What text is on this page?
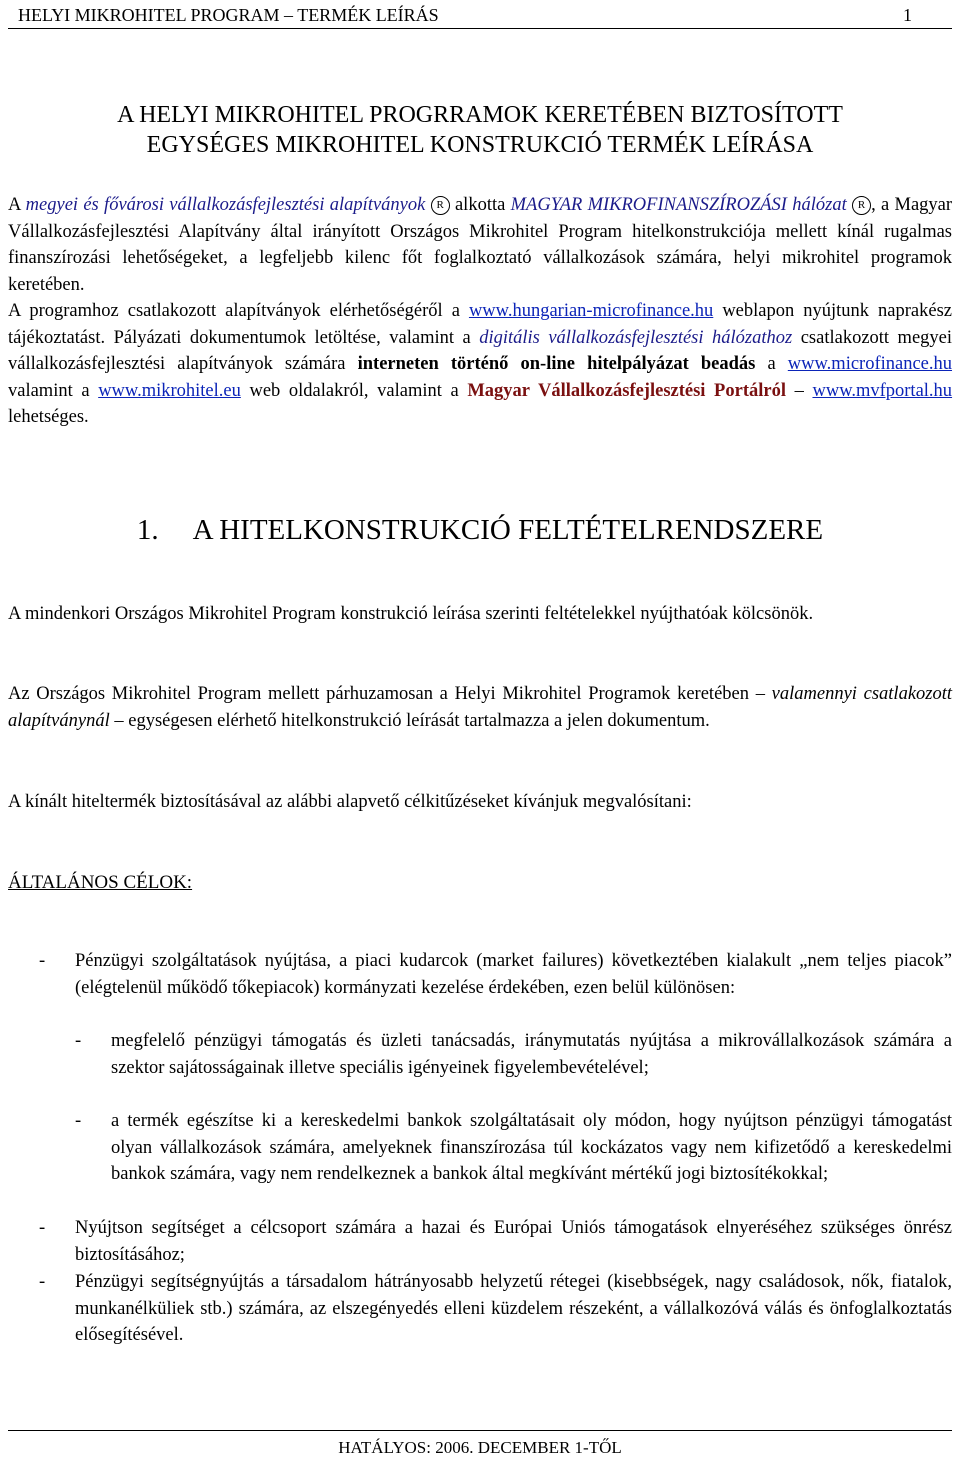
HELYI MIKROHITEL PROGRAM – TERMÉK LEÍRÁS	1
A HELYI MIKROHITEL PROGRRAMOK KERETÉBEN BIZTOSÍTOTT
EGYSÉGES MIKROHITEL KONSTRUKCIÓ TERMÉK LEÍRÁSA
A megyei és fővárosi vállalkozásfejlesztési alapítványok R alkotta MAGYAR MIKROFINANSZÍROZÁSI hálózat R , a Magyar Vállalkozásfejlesztési Alapítvány által irányított Országos Mikrohitel Program hitelkonstrukciója mellett kínál rugalmas finanszírozási lehetőségeket, a legfeljebb kilenc főt foglalkoztató vállalkozások számára, helyi mikrohitel programok keretében.
A programhoz csatlakozott alapítványok elérhetőségéről a www.hungarian-microfinance.hu weblapon nyújtunk naprakész tájékoztatást. Pályázati dokumentumok letöltése, valamint a digitális vállalkozásfejlesztési hálózathoz csatlakozott megyei vállalkozásfejlesztési alapítványok számára interneten történő on-line hitelpályázat beadás a www.microfinance.hu valamint a www.mikrohitel.eu web oldalakról, valamint a Magyar Vállalkozásfejlesztési Portálról – www.mvfportal.hu lehetséges.
1. A HITELKONSTRUKCIÓ FELTÉTELRENDSZERE
A mindenkori Országos Mikrohitel Program konstrukció leírása szerinti feltételekkel nyújthatóak kölcsönök.
Az Országos Mikrohitel Program mellett párhuzamosan a Helyi Mikrohitel Programok keretében – valamennyi csatlakozott alapítványnál – egységesen elérhető hitelkonstrukció leírását tartalmazza a jelen dokumentum.
A kínált hiteltermék biztosításával az alábbi alapvető célkitűzéseket kívánjuk megvalósítani:
ÁLTALÁNOS CÉLOK:
- Pénzügyi szolgáltatások nyújtása, a piaci kudarcok (market failures) következtében kialakult „nem teljes piacok” (elégtelenül működő tőkepiacok) kormányzati kezelése érdekében, ezen belül különösen:
- megfelelő pénzügyi támogatás és üzleti tanácsadás, iránymutatás nyújtása a mikrovállalkozások számára a szektor sajátosságainak illetve speciális igényeinek figyelembevételével;
- a termék egészítse ki a kereskedelmi bankok szolgáltatásait oly módon, hogy nyújtson pénzügyi támogatást olyan vállalkozások számára, amelyeknek finanszírozása túl kockázatos vagy nem kifizetődő a kereskedelmi bankok számára, vagy nem rendelkeznek a bankok által megkívánt mértékű jogi biztosítékokkal;
- Nyújtson segítséget a célcsoport számára a hazai és Európai Uniós támogatások elnyeréséhez szükséges önrész biztosításához;
- Pénzügyi segítségnyújtás a társadalom hátrányosabb helyzetű rétegei (kisebbségek, nagy családosok, nők, fiatalok, munkanélküliek stb.) számára, az elszegényedés elleni küzdelem részeként, a vállalkozóvá válás és önfoglalkoztatás elősegítésével.
HATÁLYOS: 2006. DECEMBER 1-TŐL
